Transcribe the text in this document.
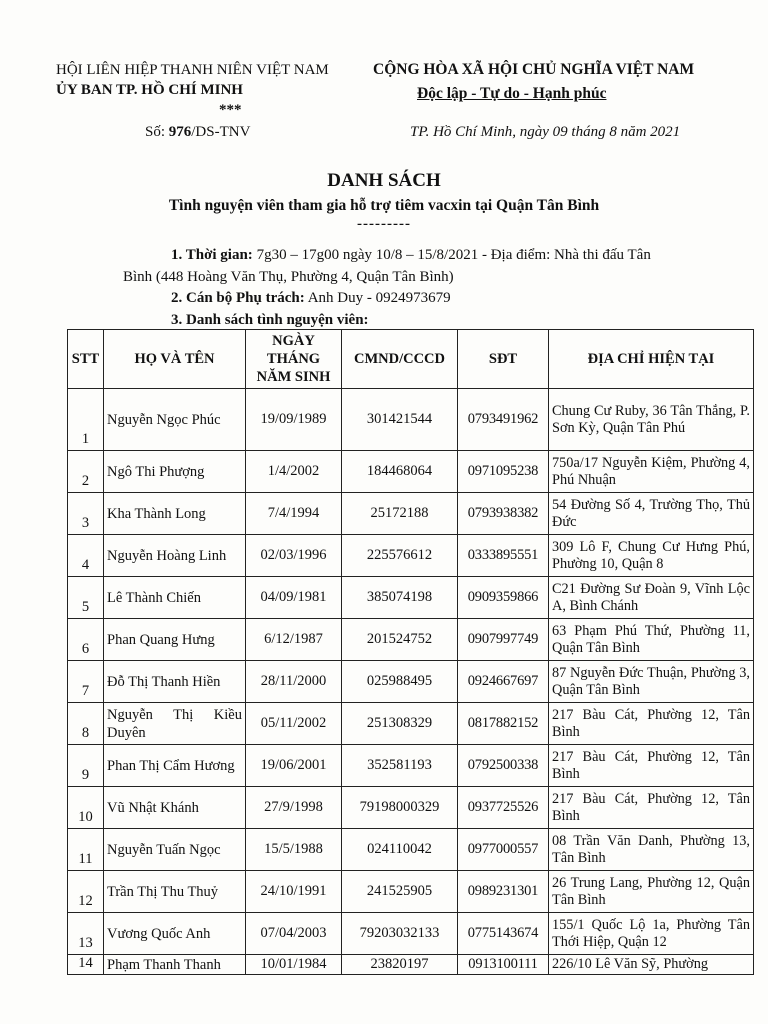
HỘI LIÊN HIỆP THANH NIÊN VIỆT NAM
ỦY BAN TP. HỒ CHÍ MINH
***
CỘNG HÒA XÃ HỘI CHỦ NGHĨA VIỆT NAM
Độc lập - Tự do - Hạnh phúc
Số: 976/DS-TNV	TP. Hồ Chí Minh, ngày 09 tháng 8 năm 2021
DANH SÁCH
Tình nguyện viên tham gia hỗ trợ tiêm vacxin tại Quận Tân Bình
---------
1. Thời gian: 7g30 – 17g00 ngày 10/8 – 15/8/2021 - Địa điểm: Nhà thi đấu Tân
Bình (448 Hoàng Văn Thụ, Phường 4, Quận Tân Bình)
2. Cán bộ Phụ trách: Anh Duy - 0924973679
3. Danh sách tình nguyện viên:
STT	HỌ VÀ TÊN	NGÀY THÁNG NĂM SINH	CMND/CCCD	SĐT	ĐỊA CHỈ HIỆN TẠI
1	Nguyễn Ngọc Phúc	19/09/1989	301421544	0793491962	Chung Cư Ruby, 36 Tân Thắng, P. Sơn Kỳ, Quận Tân Phú
2	Ngô Thi Phượng	1/4/2002	184468064	0971095238	750a/17 Nguyễn Kiệm, Phường 4, Phú Nhuận
3	Kha Thành Long	7/4/1994	25172188	0793938382	54 Đường Số 4, Trường Thọ, Thủ Đức
4	Nguyễn Hoàng Linh	02/03/1996	225576612	0333895551	309 Lô F, Chung Cư Hưng Phú, Phường 10, Quận 8
5	Lê Thành Chiến	04/09/1981	385074198	0909359866	C21 Đường Sư Đoàn 9, Vĩnh Lộc A, Bình Chánh
6	Phan Quang Hưng	6/12/1987	201524752	0907997749	63 Phạm Phú Thứ, Phường 11, Quận Tân Bình
7	Đỗ Thị Thanh Hiền	28/11/2000	025988495	0924667697	87 Nguyễn Đức Thuận, Phường 3, Quận Tân Bình
8	Nguyễn Thị Kiều Duyên	05/11/2002	251308329	0817882152	217 Bàu Cát, Phường 12, Tân Bình
9	Phan Thị Cẩm Hương	19/06/2001	352581193	0792500338	217 Bàu Cát, Phường 12, Tân Bình
10	Vũ Nhật Khánh	27/9/1998	79198000329	0937725526	217 Bàu Cát, Phường 12, Tân Bình
11	Nguyễn Tuấn Ngọc	15/5/1988	024110042	0977000557	08 Trần Văn Danh, Phường 13, Tân Bình
12	Trần Thị Thu Thuỷ	24/10/1991	241525905	0989231301	26 Trung Lang, Phường 12, Quận Tân Bình
13	Vương Quốc Anh	07/04/2003	79203032133	0775143674	155/1 Quốc Lộ 1a, Phường Tân Thới Hiệp, Quận 12
14	Phạm Thanh Thanh	10/01/1984	23820197	0913100111	226/10 Lê Văn Sỹ, Phường
